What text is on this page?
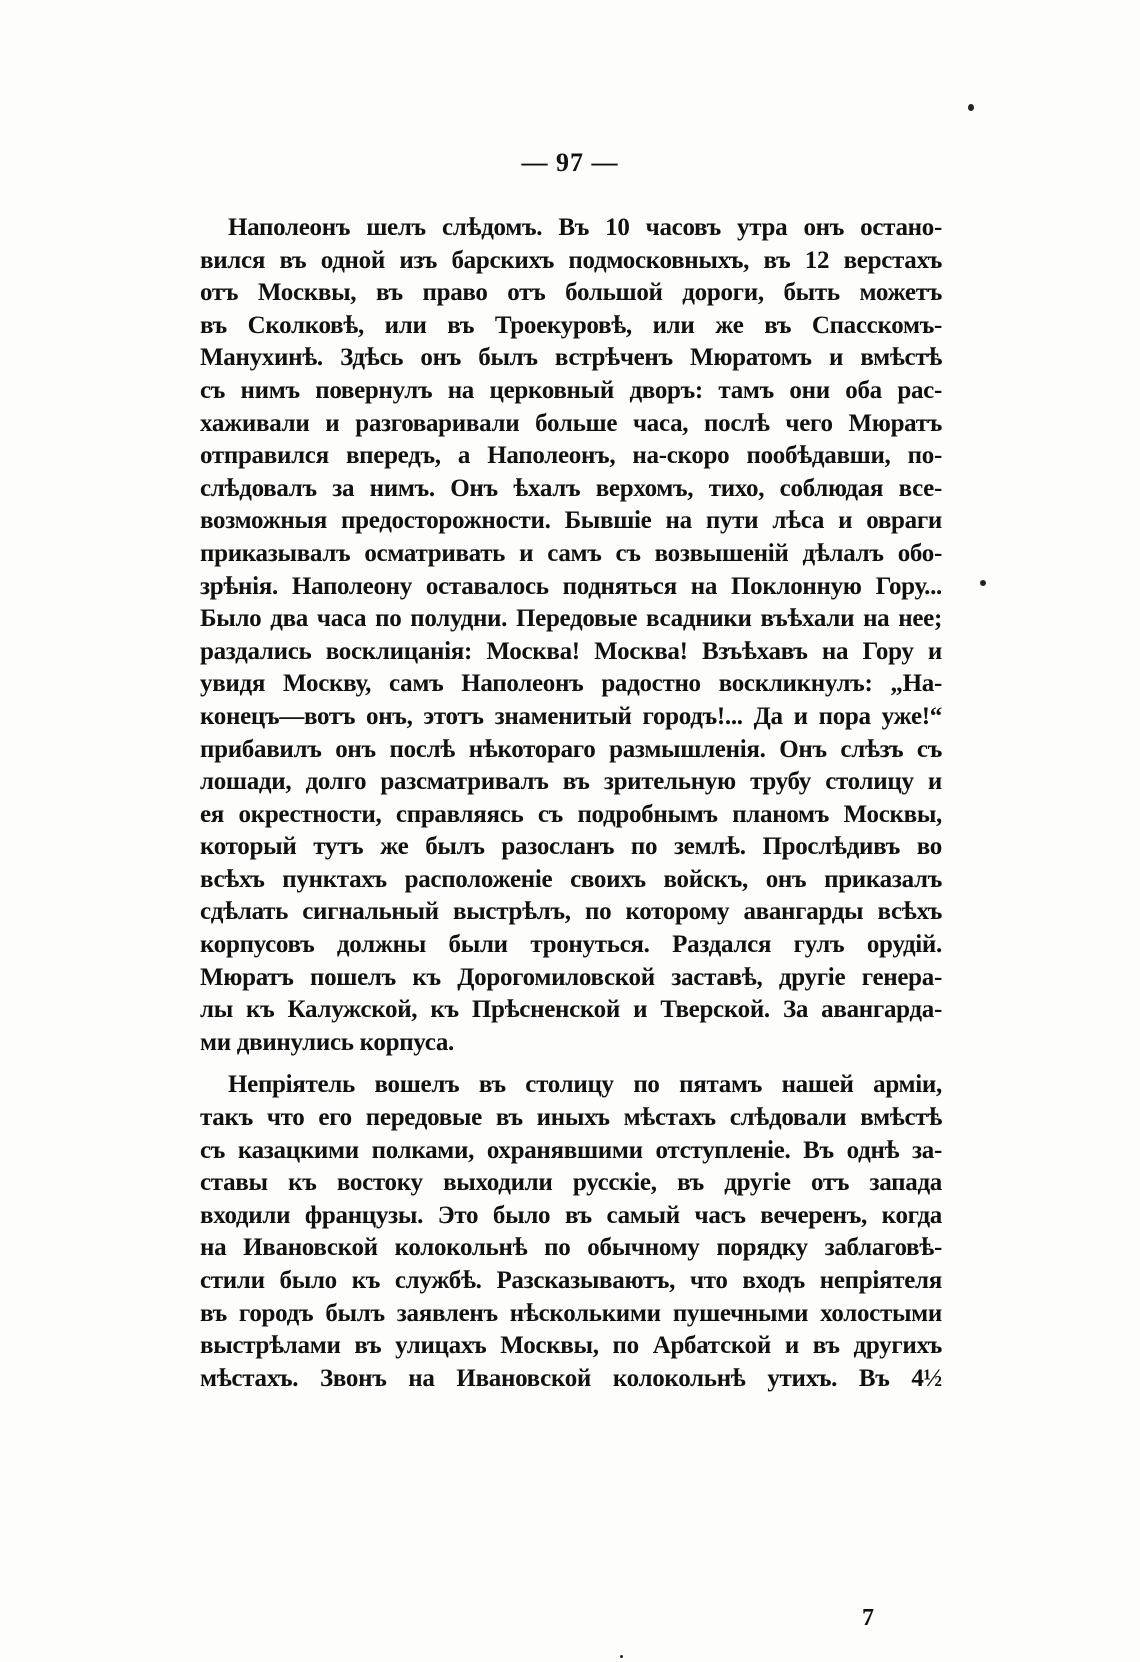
— 97 —
Наполеонъ шелъ слѣдомъ. Въ 10 часовъ утра онъ остано-
вился въ одной изъ барскихъ подмосковныхъ, въ 12 верстахъ
отъ Москвы, въ право отъ большой дороги, быть можетъ
въ Сколковѣ, или въ Троекуровѣ, или же въ Спасскомъ-
Манухинѣ. Здѣсь онъ былъ встрѣченъ Мюратомъ и вмѣстѣ
съ нимъ повернулъ на церковный дворъ: тамъ они оба рас-
хаживали и разговаривали больше часа, послѣ чего Мюратъ
отправился впередъ, а Наполеонъ, на-скоро пообѣдавши, по-
слѣдовалъ за нимъ. Онъ ѣхалъ верхомъ, тихо, соблюдая все-
возможныя предосторожности. Бывшіе на пути лѣса и овраги
приказывалъ осматривать и самъ съ возвышеній дѣлалъ обо-
зрѣнія. Наполеону оставалось подняться на Поклонную Гору...
Было два часа по полудни. Передовые всадники въѣхали на нее;
раздались восклицанія: Москва! Москва! Взъѣхавъ на Гору и
увидя Москву, самъ Наполеонъ радостно воскликнулъ: „На-
конецъ—вотъ онъ, этотъ знаменитый городъ!... Да и пора уже!“
прибавилъ онъ послѣ нѣкотораго размышленія. Онъ слѣзъ съ
лошади, долго разсматривалъ въ зрительную трубу столицу и
ея окрестности, справляясь съ подробнымъ планомъ Москвы,
который тутъ же былъ разосланъ по землѣ. Прослѣдивъ во
всѣхъ пунктахъ расположеніе своихъ войскъ, онъ приказалъ
сдѣлать сигнальный выстрѣлъ, по которому авангарды всѣхъ
корпусовъ должны были тронуться. Раздался гулъ орудій.
Мюратъ пошелъ къ Дорогомиловской заставѣ, другіе генера-
лы къ Калужской, къ Прѣсненской и Тверской. За авангарда-
ми двинулись корпуса.
Непріятель вошелъ въ столицу по пятамъ нашей арміи,
такъ что его передовые въ иныхъ мѣстахъ слѣдовали вмѣстѣ
съ казацкими полками, охранявшими отступленіе. Въ однѣ за-
ставы къ востоку выходили русскіе, въ другіе отъ запада
входили французы. Это было въ самый часъ вечеренъ, когда
на Ивановской колокольнѣ по обычному порядку заблаговѣ-
стили было къ службѣ. Разсказываютъ, что входъ непріятеля
въ городъ былъ заявленъ нѣсколькими пушечными холостыми
выстрѣлами въ улицахъ Москвы, по Арбатской и въ другихъ
мѣстахъ. Звонъ на Ивановской колокольнѣ утихъ. Въ 4½
7
